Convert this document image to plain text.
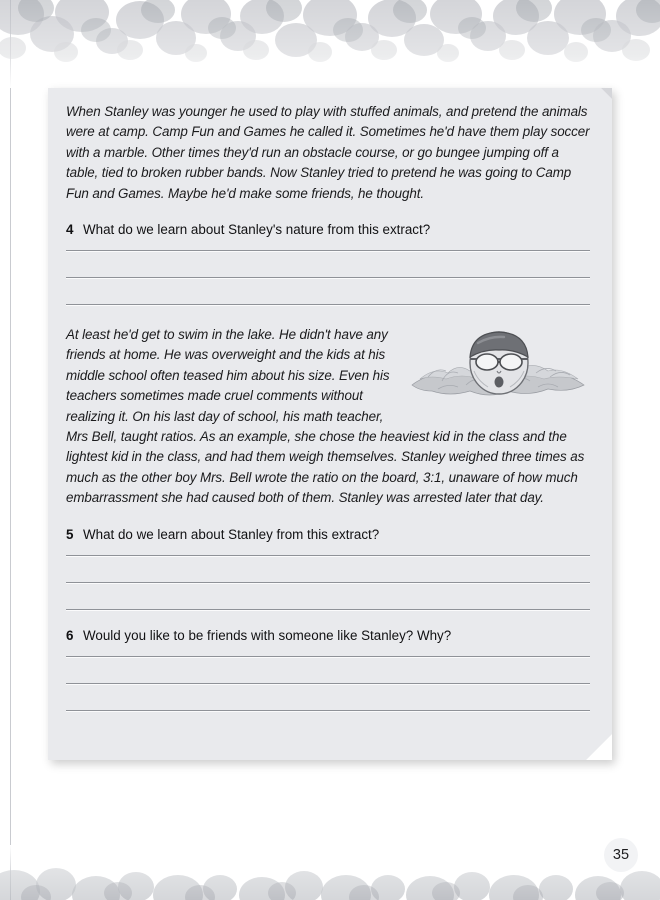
When Stanley was younger he used to play with stuffed animals, and pretend the animals were at camp. Camp Fun and Games he called it. Sometimes he'd have them play soccer with a marble. Other times they'd run an obstacle course, or go bungee jumping off a table, tied to broken rubber bands. Now Stanley tried to pretend he was going to Camp Fun and Games. Maybe he'd make some friends, he thought.
4 What do we learn about Stanley's nature from this extract?
At least he'd get to swim in the lake. He didn't have any friends at home. He was overweight and the kids at his middle school often teased him about his size. Even his teachers sometimes made cruel comments without realizing it. On his last day of school, his math teacher, Mrs Bell, taught ratios. As an example, she chose the heaviest kid in the class and the lightest kid in the class, and had them weigh themselves. Stanley weighed three times as much as the other boy Mrs. Bell wrote the ratio on the board, 3:1, unaware of how much embarrassment she had caused both of them. Stanley was arrested later that day.
5 What do we learn about Stanley from this extract?
6 Would you like to be friends with someone like Stanley? Why?
35
